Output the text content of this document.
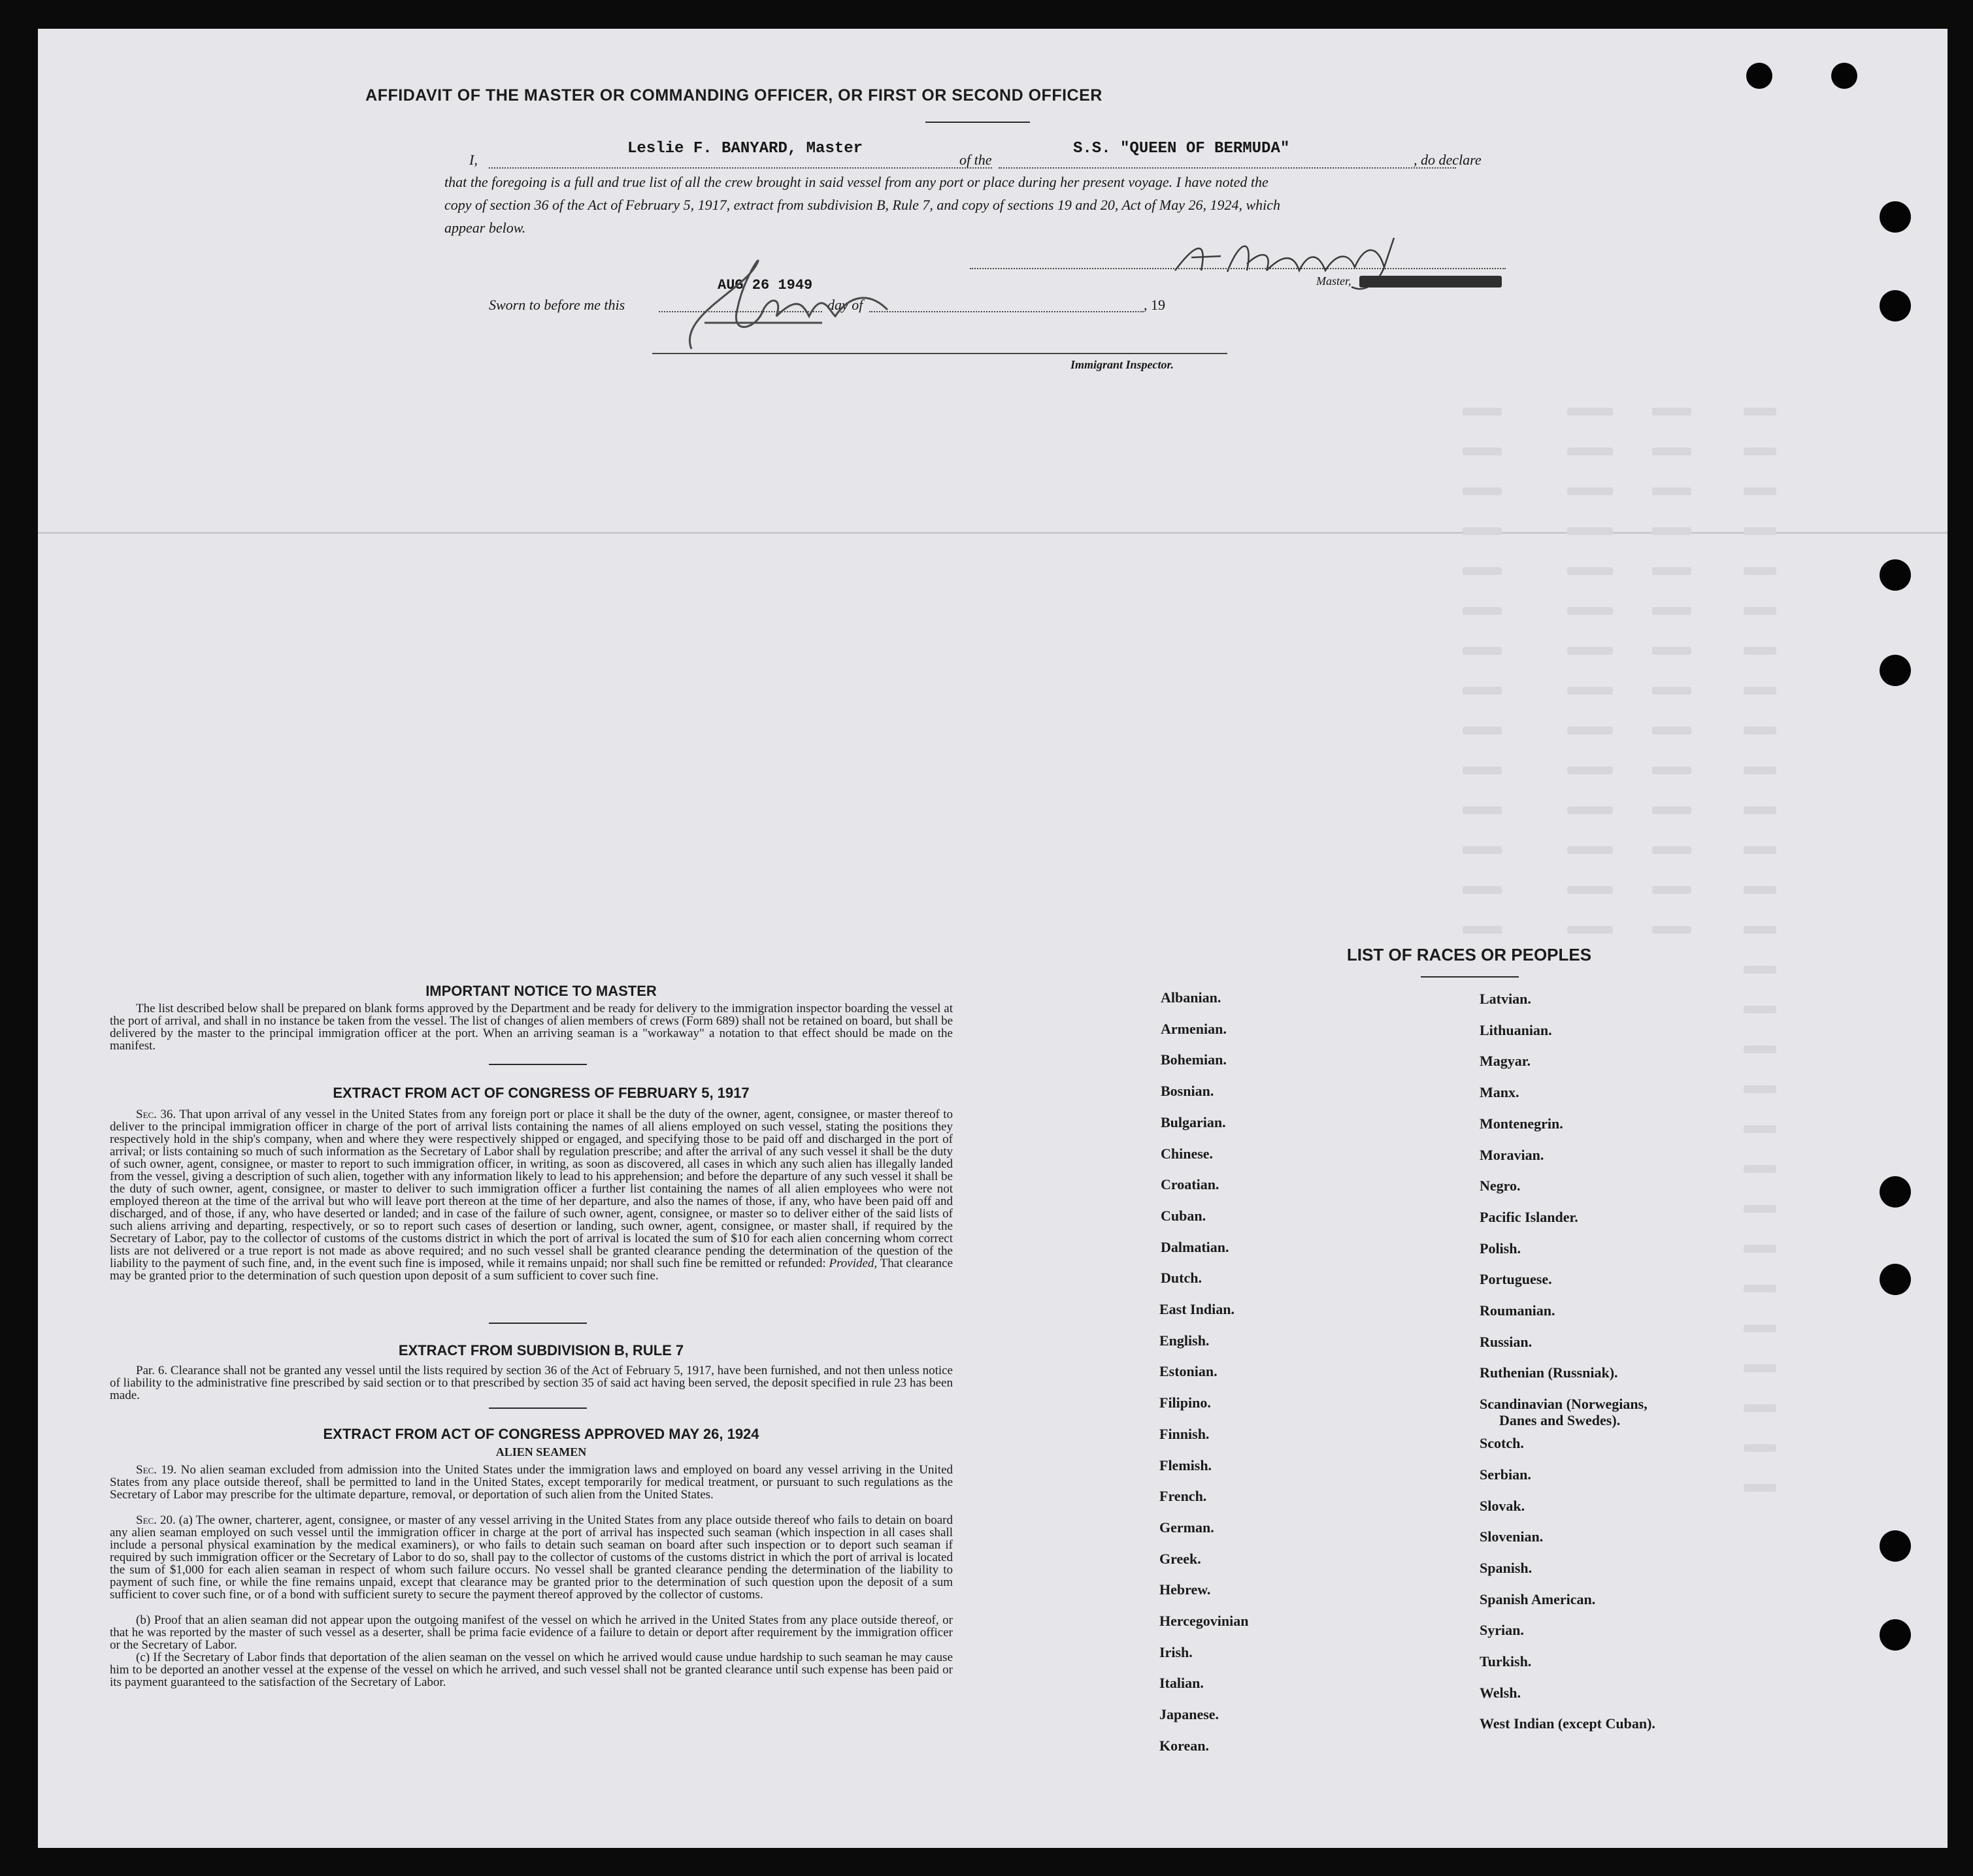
AFFIDAVIT OF THE MASTER OR COMMANDING OFFICER, OR FIRST OR SECOND OFFICER
I,
Leslie F. BANYARD, Master
of the
S.S. "QUEEN OF BERMUDA"
, do declare
that the foregoing is a full and true list of all the crew brought in said vessel from any port or place during her present voyage. I have noted the
copy of section 36 of the Act of February 5, 1917, extract from subdivision B, Rule 7, and copy of sections 19 and 20, Act of May 26, 1924, which
appear below.
Master,
Sworn to before me this
AUG 26 1949
day of	, 19
Immigrant Inspector.
IMPORTANT NOTICE TO MASTER
The list described below shall be prepared on blank forms approved by the Department and be ready for delivery to the immigration inspector boarding the vessel at the port of arrival, and shall in no instance be taken from the vessel. The list of changes of alien members of crews (Form 689) shall not be retained on board, but shall be delivered by the master to the principal immigration officer at the port. When an arriving seaman is a "workaway" a notation to that effect should be made on the manifest.
EXTRACT FROM ACT OF CONGRESS OF FEBRUARY 5, 1917
Sec. 36. That upon arrival of any vessel in the United States from any foreign port or place it shall be the duty of the owner, agent, consignee, or master thereof to deliver to the principal immigration officer in charge of the port of arrival lists containing the names of all aliens employed on such vessel, stating the positions they respectively hold in the ship's company, when and where they were respectively shipped or engaged, and specifying those to be paid off and discharged in the port of arrival; or lists containing so much of such information as the Secretary of Labor shall by regulation prescribe; and after the arrival of any such vessel it shall be the duty of such owner, agent, consignee, or master to report to such immigration officer, in writing, as soon as discovered, all cases in which any such alien has illegally landed from the vessel, giving a description of such alien, together with any information likely to lead to his apprehension; and before the departure of any such vessel it shall be the duty of such owner, agent, consignee, or master to deliver to such immigration officer a further list containing the names of all alien employees who were not employed thereon at the time of the arrival but who will leave port thereon at the time of her departure, and also the names of those, if any, who have been paid off and discharged, and of those, if any, who have deserted or landed; and in case of the failure of such owner, agent, consignee, or master so to deliver either of the said lists of such aliens arriving and departing, respectively, or so to report such cases of desertion or landing, such owner, agent, consignee, or master shall, if required by the Secretary of Labor, pay to the collector of customs of the customs district in which the port of arrival is located the sum of $10 for each alien concerning whom correct lists are not delivered or a true report is not made as above required; and no such vessel shall be granted clearance pending the determination of the question of the liability to the payment of such fine, and, in the event such fine is imposed, while it remains unpaid; nor shall such fine be remitted or refunded: Provided, That clearance may be granted prior to the determination of such question upon deposit of a sum sufficient to cover such fine.
EXTRACT FROM SUBDIVISION B, RULE 7
Par. 6. Clearance shall not be granted any vessel until the lists required by section 36 of the Act of February 5, 1917, have been furnished, and not then unless notice of liability to the administrative fine prescribed by said section or to that prescribed by section 35 of said act having been served, the deposit specified in rule 23 has been made.
EXTRACT FROM ACT OF CONGRESS APPROVED MAY 26, 1924
ALIEN SEAMEN
Sec. 19. No alien seaman excluded from admission into the United States under the immigration laws and employed on board any vessel arriving in the United States from any place outside thereof, shall be permitted to land in the United States, except temporarily for medical treatment, or pursuant to such regulations as the Secretary of Labor may prescribe for the ultimate departure, removal, or deportation of such alien from the United States.
Sec. 20. (a) The owner, charterer, agent, consignee, or master of any vessel arriving in the United States from any place outside thereof who fails to detain on board any alien seaman employed on such vessel until the immigration officer in charge at the port of arrival has inspected such seaman (which inspection in all cases shall include a personal physical examination by the medical examiners), or who fails to detain such seaman on board after such inspection or to deport such seaman if required by such immigration officer or the Secretary of Labor to do so, shall pay to the collector of customs of the customs district in which the port of arrival is located the sum of $1,000 for each alien seaman in respect of whom such failure occurs. No vessel shall be granted clearance pending the determination of the liability to payment of such fine, or while the fine remains unpaid, except that clearance may be granted prior to the determination of such question upon the deposit of a sum sufficient to cover such fine, or of a bond with sufficient surety to secure the payment thereof approved by the collector of customs.
(b) Proof that an alien seaman did not appear upon the outgoing manifest of the vessel on which he arrived in the United States from any place outside thereof, or that he was reported by the master of such vessel as a deserter, shall be prima facie evidence of a failure to detain or deport after requirement by the immigration officer or the Secretary of Labor.
(c) If the Secretary of Labor finds that deportation of the alien seaman on the vessel on which he arrived would cause undue hardship to such seaman he may cause him to be deported an another vessel at the expense of the vessel on which he arrived, and such vessel shall not be granted clearance until such expense has been paid or its payment guaranteed to the satisfaction of the Secretary of Labor.
LIST OF RACES OR PEOPLES
Albanian.
Armenian.
Bohemian.
Bosnian.
Bulgarian.
Chinese.
Croatian.
Cuban.
Dalmatian.
Dutch.
East Indian.
English.
Estonian.
Filipino.
Finnish.
Flemish.
French.
German.
Greek.
Hebrew.
Hercegovinian
Irish.
Italian.
Japanese.
Korean.
Latvian.
Lithuanian.
Magyar.
Manx.
Montenegrin.
Moravian.
Negro.
Pacific Islander.
Polish.
Portuguese.
Roumanian.
Russian.
Ruthenian (Russniak).
Scandinavian (Norwegians,
Danes and Swedes).
Scotch.
Serbian.
Slovak.
Slovenian.
Spanish.
Spanish American.
Syrian.
Turkish.
Welsh.
West Indian (except Cuban).
